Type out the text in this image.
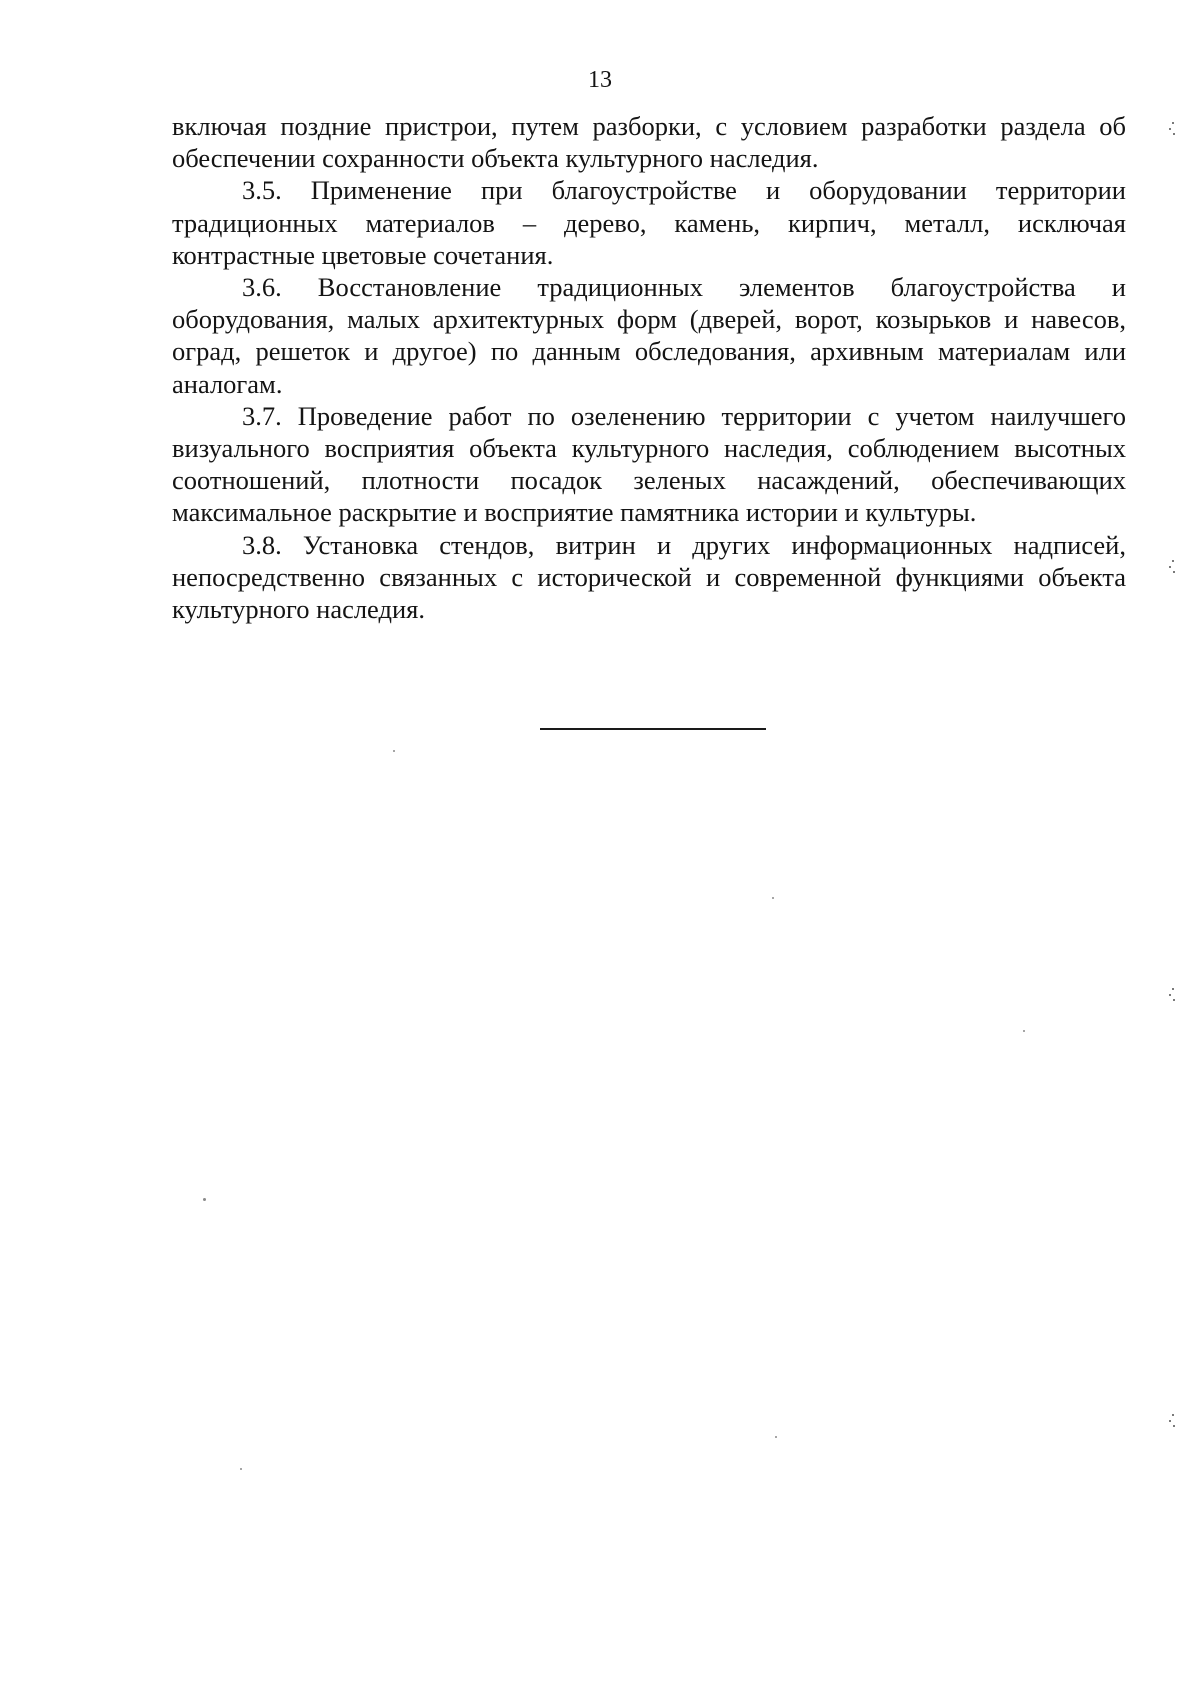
13

включая поздние пристрои, путем разборки, с условием разработки раздела об обеспечении сохранности объекта культурного наследия.

3.5. Применение при благоустройстве и оборудовании территории традиционных материалов – дерево, камень, кирпич, металл, исключая контрастные цветовые сочетания.

3.6. Восстановление традиционных элементов благоустройства и оборудования, малых архитектурных форм (дверей, ворот, козырьков и навесов, оград, решеток и другое) по данным обследования, архивным материалам или аналогам.

3.7. Проведение работ по озеленению территории с учетом наилучшего визуального восприятия объекта культурного наследия, соблюдением высотных соотношений, плотности посадок зеленых насаждений, обеспечивающих максимальное раскрытие и восприятие памятника истории и культуры.

3.8. Установка стендов, витрин и других информационных надписей, непосредственно связанных с исторической и современной функциями объекта культурного наследия.
